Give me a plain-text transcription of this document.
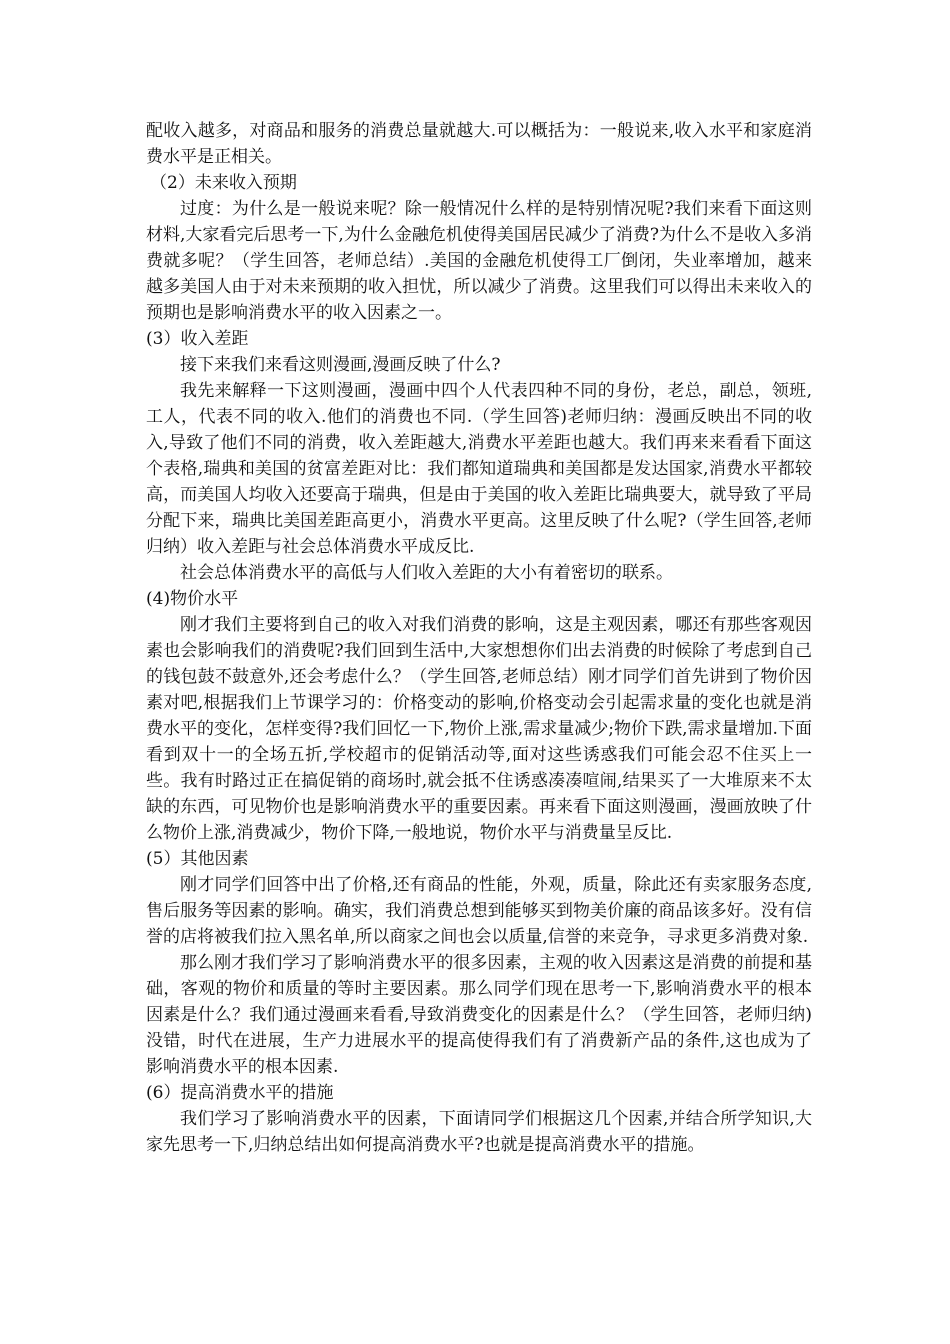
配收入越多，对商品和服务的消费总量就越大.可以概括为：一般说来,收入水平和家庭消费水平是正相关。

（2）未来收入预期

过度：为什么是一般说来呢？除一般情况什么样的是特别情况呢?我们来看下面这则材料,大家看完后思考一下,为什么金融危机使得美国居民减少了消费?为什么不是收入多消费就多呢？（学生回答，老师总结）.美国的金融危机使得工厂倒闭，失业率增加，越来越多美国人由于对未来预期的收入担忧，所以减少了消费。这里我们可以得出未来收入的预期也是影响消费水平的收入因素之一。

(3）收入差距

接下来我们来看这则漫画,漫画反映了什么?

我先来解释一下这则漫画，漫画中四个人代表四种不同的身份，老总，副总，领班,工人，代表不同的收入.他们的消费也不同.（学生回答)老师归纳：漫画反映出不同的收入,导致了他们不同的消费，收入差距越大,消费水平差距也越大。我们再来来看看下面这个表格,瑞典和美国的贫富差距对比：我们都知道瑞典和美国都是发达国家,消费水平都较高，而美国人均收入还要高于瑞典，但是由于美国的收入差距比瑞典要大，就导致了平局分配下来，瑞典比美国差距高更小，消费水平更高。这里反映了什么呢?（学生回答,老师归纳）收入差距与社会总体消费水平成反比.

社会总体消费水平的高低与人们收入差距的大小有着密切的联系。

(4)物价水平

刚才我们主要将到自己的收入对我们消费的影响，这是主观因素，哪还有那些客观因素也会影响我们的消费呢?我们回到生活中,大家想想你们出去消费的时候除了考虑到自己的钱包鼓不鼓意外,还会考虑什么？（学生回答,老师总结）刚才同学们首先讲到了物价因素对吧,根据我们上节课学习的：价格变动的影响,价格变动会引起需求量的变化也就是消费水平的变化，怎样变得?我们回忆一下,物价上涨,需求量减少;物价下跌,需求量增加.下面看到双十一的全场五折,学校超市的促销活动等,面对这些诱惑我们可能会忍不住买上一些。我有时路过正在搞促销的商场时,就会抵不住诱惑凑凑喧闹,结果买了一大堆原来不太缺的东西，可见物价也是影响消费水平的重要因素。再来看下面这则漫画，漫画放映了什么物价上涨,消费减少，物价下降,一般地说，物价水平与消费量呈反比.

(5）其他因素

刚才同学们回答中出了价格,还有商品的性能，外观，质量，除此还有卖家服务态度,售后服务等因素的影响。确实，我们消费总想到能够买到物美价廉的商品该多好。没有信誉的店将被我们拉入黑名单,所以商家之间也会以质量,信誉的来竞争，寻求更多消费对象.

那么刚才我们学习了影响消费水平的很多因素，主观的收入因素这是消费的前提和基础，客观的物价和质量的等时主要因素。那么同学们现在思考一下,影响消费水平的根本因素是什么？我们通过漫画来看看,导致消费变化的因素是什么？（学生回答，老师归纳)没错，时代在进展，生产力进展水平的提高使得我们有了消费新产品的条件,这也成为了影响消费水平的根本因素.

(6）提高消费水平的措施

我们学习了影响消费水平的因素，下面请同学们根据这几个因素,并结合所学知识,大家先思考一下,归纳总结出如何提高消费水平?也就是提高消费水平的措施。
